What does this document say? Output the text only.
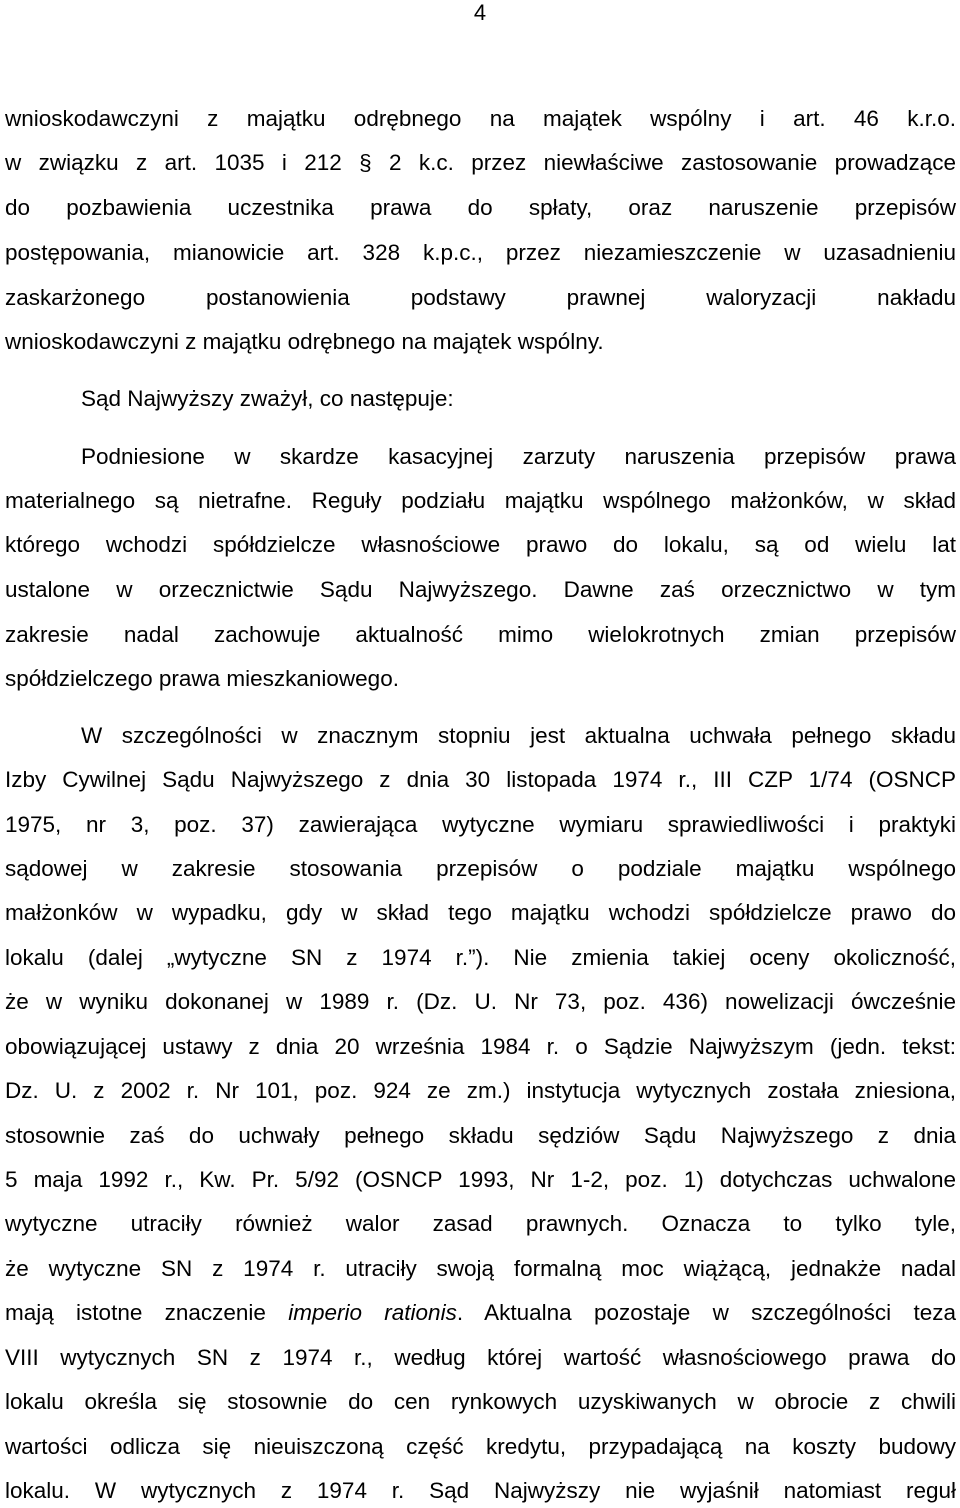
4
wnioskodawczyni z majątku odrębnego na majątek wspólny i art. 46 k.r.o.
w związku z art. 1035 i 212 § 2 k.c. przez niewłaściwe zastosowanie prowadzące
do pozbawienia uczestnika prawa do spłaty, oraz naruszenie przepisów
postępowania, mianowicie art. 328 k.p.c., przez niezamieszczenie w uzasadnieniu
zaskarżonego postanowienia podstawy prawnej waloryzacji nakładu
wnioskodawczyni z majątku odrębnego na majątek wspólny.
Sąd Najwyższy zważył, co następuje:
Podniesione w skardze kasacyjnej zarzuty naruszenia przepisów prawa
materialnego są nietrafne. Reguły podziału majątku wspólnego małżonków, w skład
którego wchodzi spółdzielcze własnościowe prawo do lokalu, są od wielu lat
ustalone w orzecznictwie Sądu Najwyższego. Dawne zaś orzecznictwo w tym
zakresie nadal zachowuje aktualność mimo wielokrotnych zmian przepisów
spółdzielczego prawa mieszkaniowego.
W szczególności w znacznym stopniu jest aktualna uchwała pełnego składu
Izby Cywilnej Sądu Najwyższego z dnia 30 listopada 1974 r., III CZP 1/74 (OSNCP
1975, nr 3, poz. 37) zawierająca wytyczne wymiaru sprawiedliwości i praktyki
sądowej w zakresie stosowania przepisów o podziale majątku wspólnego
małżonków w wypadku, gdy w skład tego majątku wchodzi spółdzielcze prawo do
lokalu (dalej „wytyczne SN z 1974 r.”). Nie zmienia takiej oceny okoliczność,
że w wyniku dokonanej w 1989 r. (Dz. U. Nr 73, poz. 436) nowelizacji ówcześnie
obowiązującej ustawy z dnia 20 września 1984 r. o Sądzie Najwyższym (jedn. tekst:
Dz. U. z 2002 r. Nr 101, poz. 924 ze zm.) instytucja wytycznych została zniesiona,
stosownie zaś do uchwały pełnego składu sędziów Sądu Najwyższego z dnia
5 maja 1992 r., Kw. Pr. 5/92 (OSNCP 1993, Nr 1-2, poz. 1) dotychczas uchwalone
wytyczne utraciły również walor zasad prawnych. Oznacza to tylko tyle,
że wytyczne SN z 1974 r. utraciły swoją formalną moc wiążącą, jednakże nadal
mają istotne znaczenie imperio rationis. Aktualna pozostaje w szczególności teza
VIII wytycznych SN z 1974 r., według której wartość własnościowego prawa do
lokalu określa się stosownie do cen rynkowych uzyskiwanych w obrocie z chwili
wartości odlicza się nieuiszczoną część kredytu, przypadającą na koszty budowy
lokalu. W wytycznych z 1974 r. Sąd Najwyższy nie wyjaśnił natomiast reguł
